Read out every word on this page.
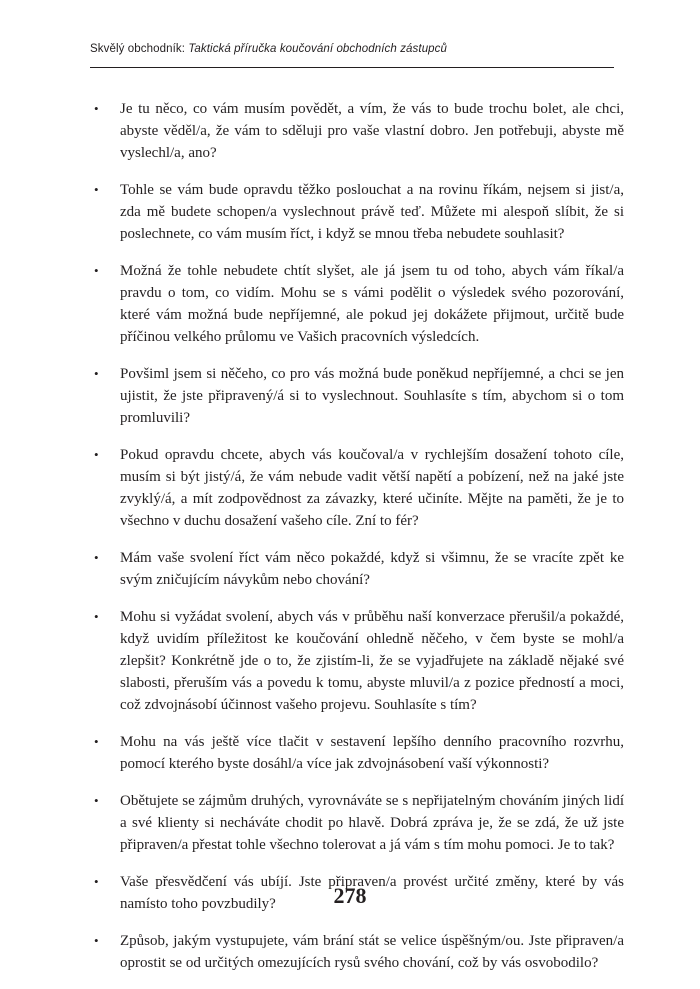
Skvělý obchodník: Taktická příručka koučování obchodních zástupců
•	Je tu něco, co vám musím povědět, a vím, že vás to bude trochu bolet, ale chci, abyste věděl/a, že vám to sděluji pro vaše vlastní dobro. Jen potřebuji, abyste mě vyslechl/a, ano?
•	Tohle se vám bude opravdu těžko poslouchat a na rovinu říkám, nejsem si jist/a, zda mě budete schopen/a vyslechnout právě teď. Můžete mi alespoň slíbit, že si poslechnete, co vám musím říct, i když se mnou třeba nebudete souhlasit?
•	Možná že tohle nebudete chtít slyšet, ale já jsem tu od toho, abych vám říkal/a pravdu o tom, co vidím. Mohu se s vámi podělit o výsledek svého pozorování, které vám možná bude nepříjemné, ale pokud jej dokážete přijmout, určitě bude příčinou velkého průlomu ve Vašich pracovních výsledcích.
•	Povšiml jsem si něčeho, co pro vás možná bude poněkud nepříjemné, a chci se jen ujistit, že jste připravený/á si to vyslechnout. Souhlasíte s tím, abychom si o tom promluvili?
•	Pokud opravdu chcete, abych vás koučoval/a v rychlejším dosažení tohoto cíle, musím si být jistý/á, že vám nebude vadit větší napětí a pobízení, než na jaké jste zvyklý/á, a mít zodpovědnost za závazky, které učiníte. Mějte na paměti, že je to všechno v duchu dosažení vašeho cíle. Zní to fér?
•	Mám vaše svolení říct vám něco pokaždé, když si všimnu, že se vracíte zpět ke svým zničujícím návykům nebo chování?
•	Mohu si vyžádat svolení, abych vás v průběhu naší konverzace přerušil/a pokaždé, když uvidím příležitost ke koučování ohledně něčeho, v čem byste se mohl/a zlepšit? Konkrétně jde o to, že zjistím-li, že se vyjadřujete na základě nějaké své slabosti, přeruším vás a povedu k tomu, abyste mluvil/a z pozice předností a moci, což zdvojnásobí účinnost vašeho projevu. Souhlasíte s tím?
•	Mohu na vás ještě více tlačit v sestavení lepšího denního pracovního rozvrhu, pomocí kterého byste dosáhl/a více jak zdvojnásobení vaší výkonnosti?
•	Obětujete se zájmům druhých, vyrovnáváte se s nepřijatelným chováním jiných lidí a své klienty si necháváte chodit po hlavě. Dobrá zpráva je, že se zdá, že už jste připraven/a přestat tohle všechno tolerovat a já vám s tím mohu pomoci. Je to tak?
•	Vaše přesvědčení vás ubíjí. Jste připraven/a provést určité změny, které by vás namísto toho povzbudily?
•	Způsob, jakým vystupujete, vám brání stát se velice úspěšným/ou. Jste připraven/a oprostit se od určitých omezujících rysů svého chování, což by vás osvobodilo?
278
